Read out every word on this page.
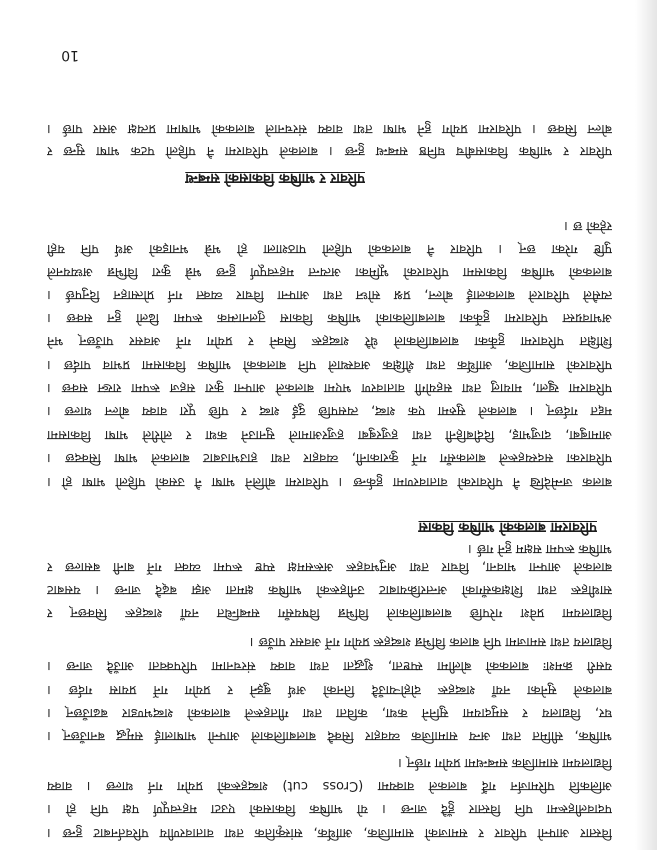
विस्तार आफ्नो परिवार र समाजको सामाजिक, आर्थिक, सांस्कृतिक तथा वातावरणीय परिवर्तनबाट हुन्छ ।
पदावलीहरूमा पनि विस्तार हुँदै जान्छ । यो भाषिक विकासको एउटा महत्त्वपूर्ण पक्ष पनि हो ।
अलिकति परिमार्जन गर्दै बालकले वाक्यमा (Cross cut) शब्दहरूको प्रयोग गर्न थाल्छ । वाक्य
विद्यालयमा सामाजिक सम्बन्धमा प्रयोग गर्छन् ।
भाषिक, सीमित तथा अन्य सामाजिक व्यवहार सिक्दै बालबालिकाले आफ्नो भाषालाई समृद्ध बनाउँछन् ।
घर, विद्यालय र समुदायमा सुनिने कथा, कविता तथा गीतहरूले बालकको शब्दभण्डार बढाउँछन् ।
बालकले सुनेका नयाँ शब्दहरू दोहोर्‍याउँदै तिनको अर्थ बुझ्ने र प्रयोग गर्ने प्रयास गर्दछ ।
यसरी क्रमशः बालकको बोलीमा स्पष्टता, शुद्धता तथा वाक्य संरचनामा परिपक्वता आउँदै जान्छ ।
विद्यालय तथा समाजमा पनि बालक विभिन्न शब्दहरू प्रयोग गर्ने अवसर पाउँछ ।
विद्यालयमा प्रवेश गरेपछि बालबालिकाले विभिन्न विषयसँग सम्बन्धित नयाँ शब्दहरू सिक्छन् र
साथीहरू तथा शिक्षकसँगको अन्तरक्रियाबाट उनीहरूको भाषिक क्षमता अझ बढ्दै जान्छ । यसबाट
बालकले आफ्ना भावना, विचार तथा अनुभवहरू अरूसमक्ष स्पष्ट रूपमा व्यक्त गर्ने बानी बसाल्छ र
भाषिक रूपमा सक्षम हुने गर्छ ।
परिवारमा बालकको भाषिक विकास
बालक जन्मेदेखि नै परिवारको वातावरणमा हुर्कन्छ । परिवारमा बोलिने भाषा नै उसको पहिलो भाषा हो ।
परिवारका सदस्यहरूले बालकसँग गर्ने कुराकानी, व्यवहार तथा हाउभाउबाट बालकले भाषा सिक्दछ ।
आमाबुबा, दाजुभाइ, दिदीबहिनी तथा हजुरबुबा हजुरआमाले सुनाउने कथा र लोरीले भाषा विकासमा
मद्दत गर्दछन् । बालकले सुरुमा एक शब्द, त्यसपछि दुई शब्द र पछि पूरा वाक्य बोल्न थाल्छ ।
परिवारमा खुला, मायालु तथा सहयोगी वातावरण भएमा बालकले आफ्ना कुरा सहज रूपमा राख्न सक्छ ।
परिवारको सामाजिक, आर्थिक तथा शैक्षिक अवस्थाले पनि बालकको भाषिक विकासमा प्रभाव पार्दछ ।
शिक्षित परिवारमा हुर्केका बालबालिकाले धेरै शब्दहरू सिक्ने र प्रयोग गर्ने अवसर पाउँछन् भने
अभावग्रस्त परिवारमा हुर्केका बालबालिकाको भाषिक विकास तुलनात्मक रूपमा ढिलो हुन सक्छ ।
त्यसैले परिवारले बालकलाई बोल्न, प्रश्न सोध्न तथा आफ्ना विचार व्यक्त गर्न प्रोत्साहन दिनुपर्छ ।
बालकको भाषिक विकासमा परिवारको भूमिका अत्यन्त महत्त्वपूर्ण हुन्छ भन्ने कुरा विभिन्न अध्ययनले
पुष्टि गरेका छन् । परिवार नै बालकको पहिलो पाठशाला हो भन्ने भनाइको अर्थ पनि यही
रहेको छ ।
परिवार र भाषिक विकासको सम्बन्ध
परिवार र भाषिक विकासबीच घनिष्ठ सम्बन्ध हुन्छ । बालकले परिवारमा नै पहिलो पटक भाषा सुन्छ र
बोल्न सिक्छ । परिवारमा प्रयोग हुने भाषा तथा वाक्य संरचनाले बालकको भाषामा प्रत्यक्ष असर पार्छ ।
10
